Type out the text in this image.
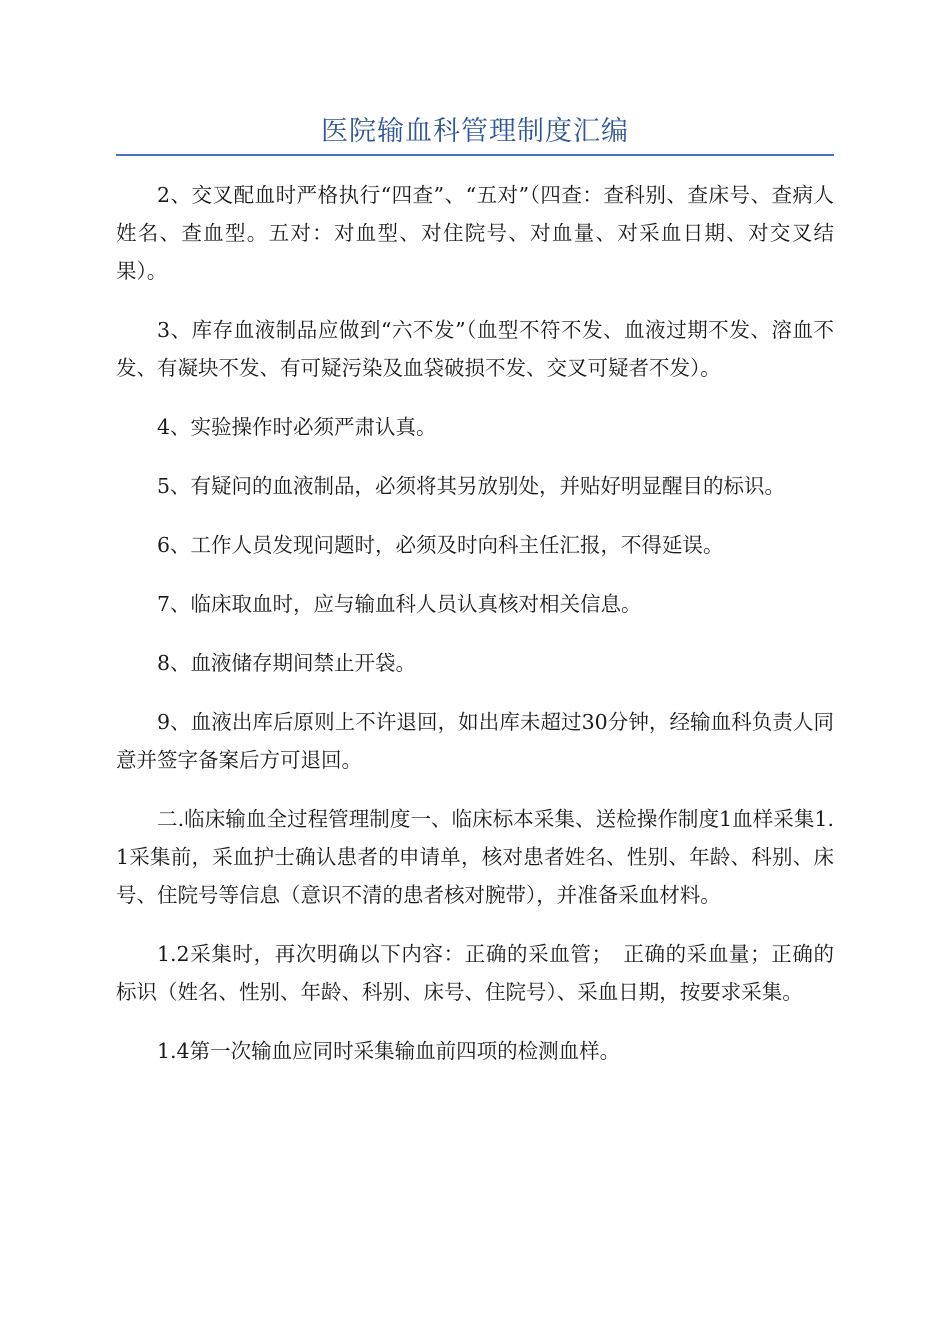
医院输血科管理制度汇编

2、交叉配血时严格执行“四查”、“五对”（四查：查科别、查床号、查病人姓名、查血型。五对：对血型、对住院号、对血量、对采血日期、对交叉结果）。

3、库存血液制品应做到“六不发”（血型不符不发、血液过期不发、溶血不发、有凝块不发、有可疑污染及血袋破损不发、交叉可疑者不发）。

4、实验操作时必须严肃认真。

5、有疑问的血液制品，必须将其另放别处，并贴好明显醒目的标识。

6、工作人员发现问题时，必须及时向科主任汇报，不得延误。

7、临床取血时，应与输血科人员认真核对相关信息。

8、血液储存期间禁止开袋。

9、血液出库后原则上不许退回，如出库未超过30分钟，经输血科负责人同意并签字备案后方可退回。

二.临床输血全过程管理制度一、临床标本采集、送检操作制度1血样采集1.1采集前，采血护士确认患者的申请单，核对患者姓名、性别、年龄、科别、床号、住院号等信息（意识不清的患者核对腕带），并准备采血材料。

1.2采集时，再次明确以下内容：正确的采血管；　正确的采血量；正确的标识（姓名、性别、年龄、科别、床号、住院号）、采血日期，按要求采集。

1.4第一次输血应同时采集输血前四项的检测血样。
